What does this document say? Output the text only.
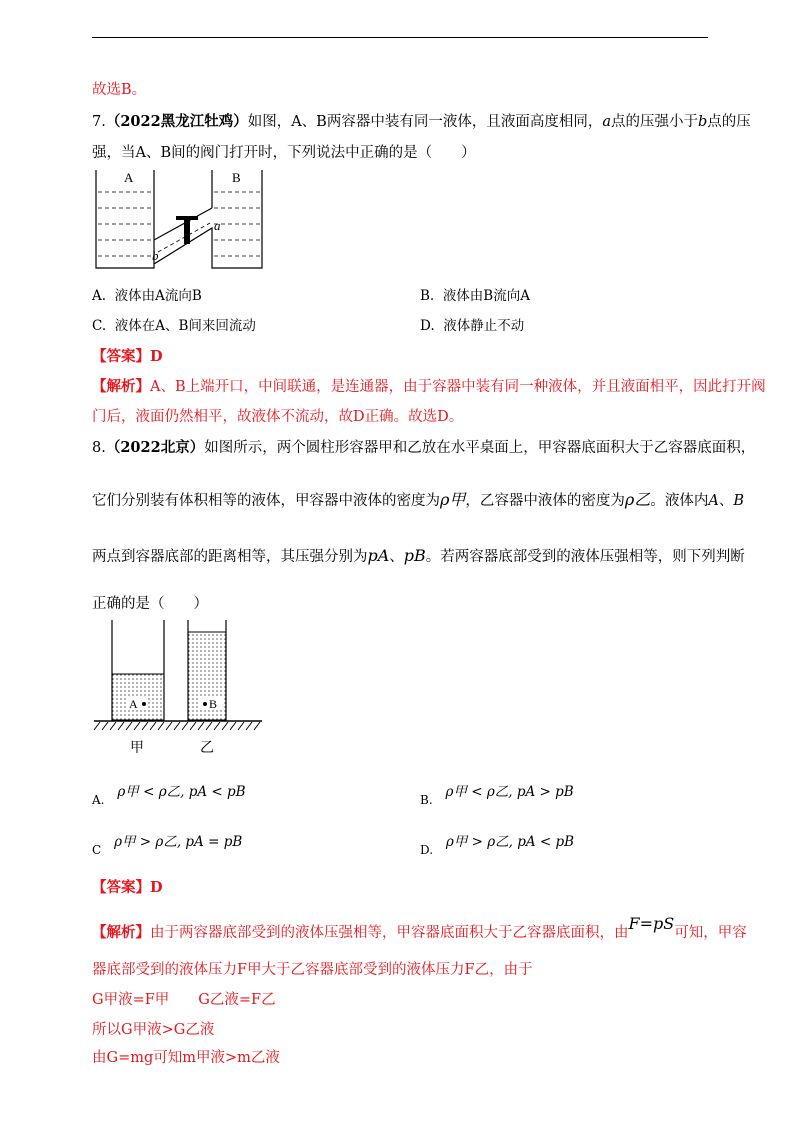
故选B。
7.（2022黑龙江牡鸡）如图，A、B两容器中装有同一液体，且液面高度相同，a点的压强小于b点的压
强，当A、B间的阀门打开时，下列说法中正确的是（　　）
A	B
a
b
A. 液体由A流向B	B. 液体由B流向A
C. 液体在A、B间来回流动	D. 液体静止不动
【答案】D
【解析】A、B上端开口，中间联通，是连通器，由于容器中装有同一种液体，并且液面相平，因此打开阀
门后，液面仍然相平，故液体不流动，故D正确。故选D。
8.（2022北京）如图所示，两个圆柱形容器甲和乙放在水平桌面上，甲容器底面积大于乙容器底面积，
它们分别装有体积相等的液体，甲容器中液体的密度为ρ甲，乙容器中液体的密度为ρ乙。液体内A、B
两点到容器底部的距离相等，其压强分别为pA、pB。若两容器底部受到的液体压强相等，则下列判断
正确的是（　　）
A	B
甲	乙
A. ρ甲 < ρ乙, pA < pB	B. ρ甲 < ρ乙, pA > pB
C ρ甲 > ρ乙, pA = pB	D. ρ甲 > ρ乙, pA < pB
【答案】D
【解析】由于两容器底部受到的液体压强相等，甲容器底面积大于乙容器底面积，由F=pS可知，甲容
器底部受到的液体压力F甲大于乙容器底部受到的液体压力F乙，由于
G甲液=F甲　　G乙液=F乙
所以G甲液>G乙液
由G=mg可知m甲液>m乙液
